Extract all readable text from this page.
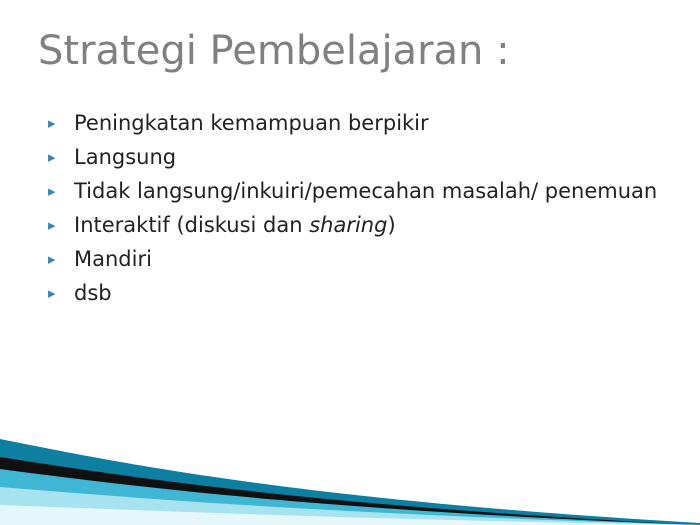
Strategi Pembelajaran :
▸ Peningkatan kemampuan berpikir
▸ Langsung
▸ Tidak langsung/inkuiri/pemecahan masalah/ penemuan
▸ Interaktif (diskusi dan sharing)
▸ Mandiri
▸ dsb
